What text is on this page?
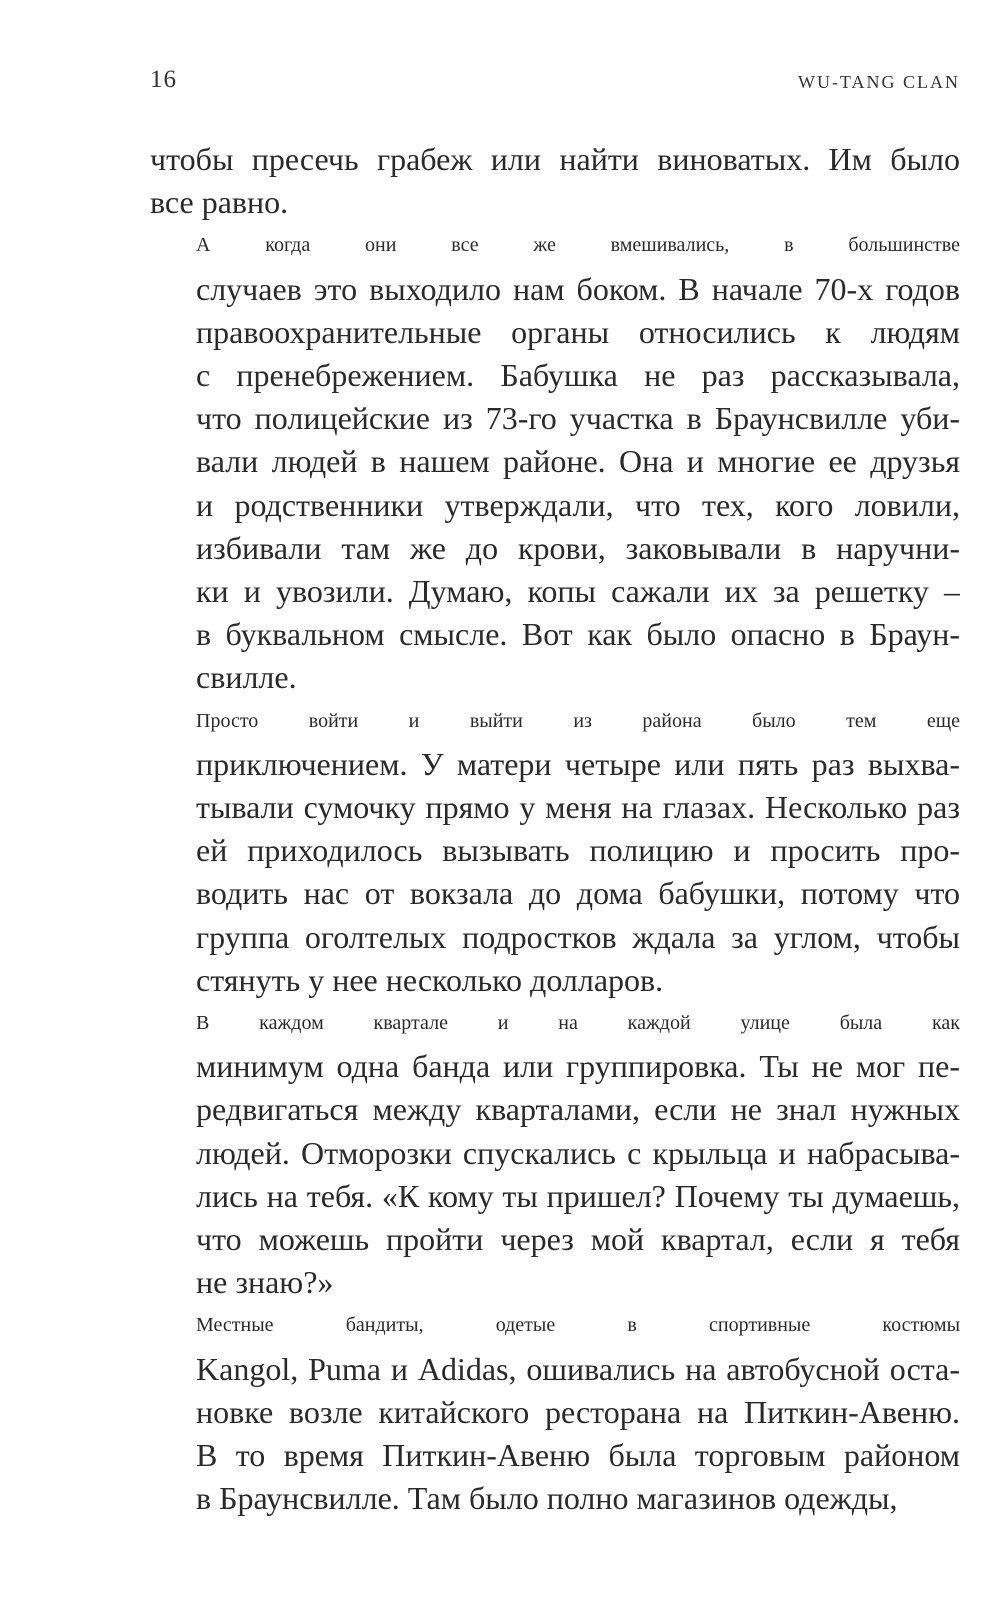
16	WU-TANG CLAN

чтобы пресечь грабеж или найти виноватых. Им было
все равно.

А когда они все же вмешивались, в большинстве
случаев это выходило нам боком. В начале 70-х годов
правоохранительные органы относились к людям
с пренебрежением. Бабушка не раз рассказывала,
что полицейские из 73-го участка в Браунсвилле уби-
вали людей в нашем районе. Она и многие ее друзья
и родственники утверждали, что тех, кого ловили,
избивали там же до крови, заковывали в наручни-
ки и увозили. Думаю, копы сажали их за решетку –
в буквальном смысле. Вот как было опасно в Браун-
свилле.

Просто войти и выйти из района было тем еще
приключением. У матери четыре или пять раз выхва-
тывали сумочку прямо у меня на глазах. Несколько раз
ей приходилось вызывать полицию и просить про-
водить нас от вокзала до дома бабушки, потому что
группа оголтелых подростков ждала за углом, чтобы
стянуть у нее несколько долларов.

В каждом квартале и на каждой улице была как
минимум одна банда или группировка. Ты не мог пе-
редвигаться между кварталами, если не знал нужных
людей. Отморозки спускались с крыльца и набрасыва-
лись на тебя. «К кому ты пришел? Почему ты думаешь,
что можешь пройти через мой квартал, если я тебя
не знаю?»

Местные бандиты, одетые в спортивные костюмы
Kangol, Puma и Adidas, ошивались на автобусной оста-
новке возле китайского ресторана на Питкин-Авеню.
В то время Питкин-Авеню была торговым районом
в Браунсвилле. Там было полно магазинов одежды,
